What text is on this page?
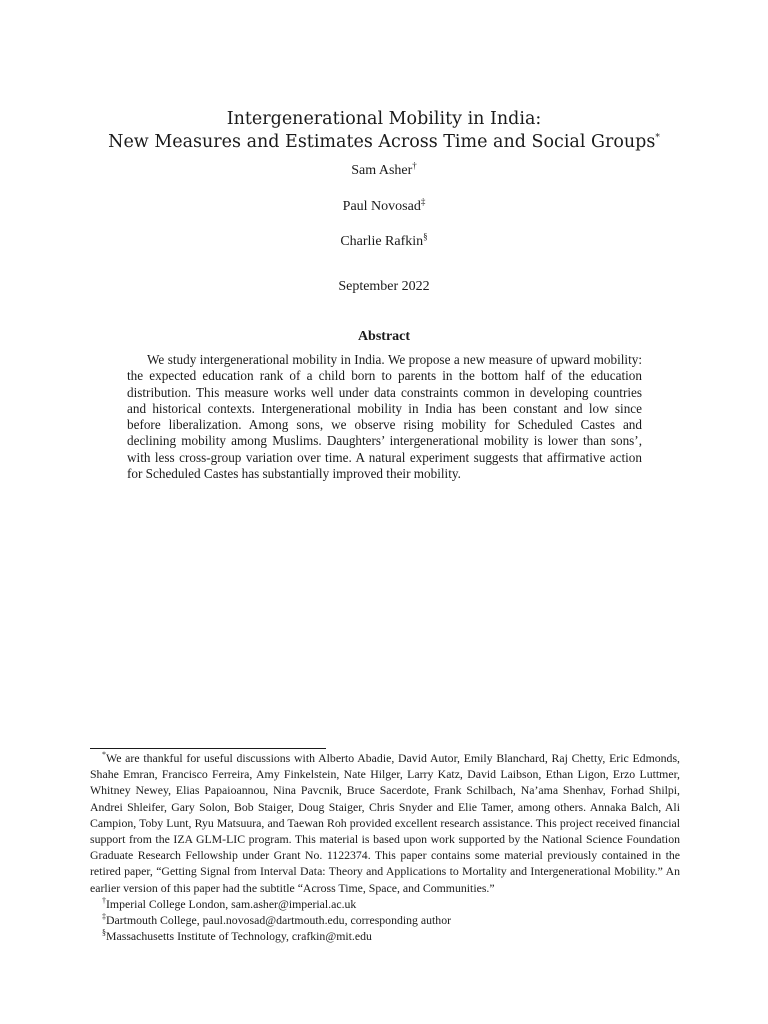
Intergenerational Mobility in India:

New Measures and Estimates Across Time and Social Groups*

Sam Asher†
Paul Novosad‡
Charlie Rafkin§
September 2022
Abstract

We study intergenerational mobility in India. We propose a new measure of upward mobility: the expected education rank of a child born to parents in the bottom half of the education distribution. This measure works well under data constraints common in developing countries and historical contexts. Intergenerational mobility in India has been constant and low since before liberalization. Among sons, we observe rising mobility for Scheduled Castes and declining mobility among Muslims. Daughters’ intergenerational mobility is lower than sons’, with less cross-group variation over time. A natural experiment suggests that affirmative action for Scheduled Castes has substantially improved their mobility.

*We are thankful for useful discussions with Alberto Abadie, David Autor, Emily Blanchard, Raj Chetty, Eric Edmonds, Shahe Emran, Francisco Ferreira, Amy Finkelstein, Nate Hilger, Larry Katz, David Laibson, Ethan Ligon, Erzo Luttmer, Whitney Newey, Elias Papaioannou, Nina Pavcnik, Bruce Sacerdote, Frank Schilbach, Na’ama Shenhav, Forhad Shilpi, Andrei Shleifer, Gary Solon, Bob Staiger, Doug Staiger, Chris Snyder and Elie Tamer, among others. Annaka Balch, Ali Campion, Toby Lunt, Ryu Matsuura, and Taewan Roh provided excellent research assistance. This project received financial support from the IZA GLM-LIC program. This material is based upon work supported by the National Science Foundation Graduate Research Fellowship under Grant No. 1122374. This paper contains some material previously contained in the retired paper, “Getting Signal from Interval Data: Theory and Applications to Mortality and Intergenerational Mobility.” An earlier version of this paper had the subtitle “Across Time, Space, and Communities.”

†Imperial College London, sam.asher@imperial.ac.uk

‡Dartmouth College, paul.novosad@dartmouth.edu, corresponding author

§Massachusetts Institute of Technology, crafkin@mit.edu
